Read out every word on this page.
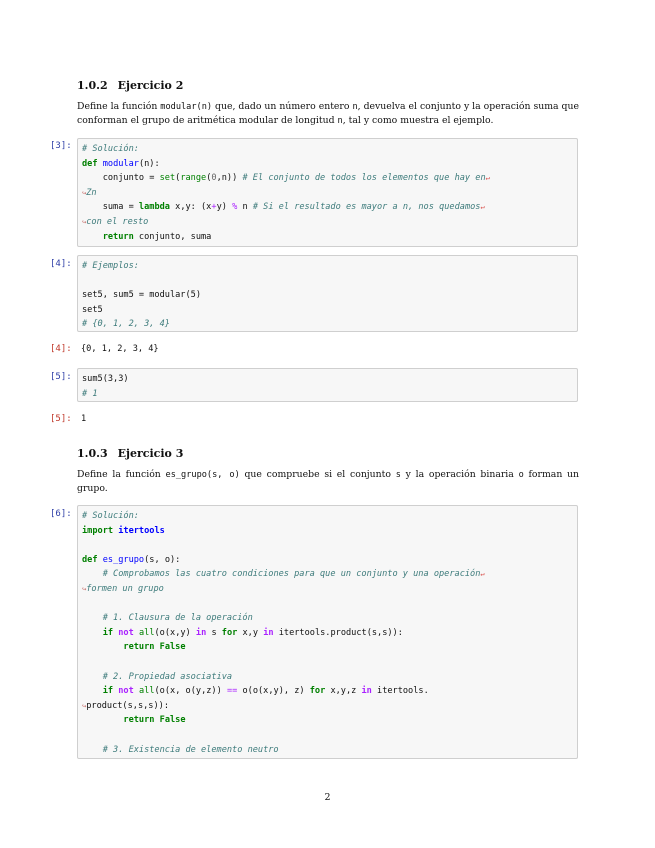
1.0.2 Ejercicio 2
Define la función modular(n) que, dado un número entero n, devuelva el conjunto y la operación suma que conforman el grupo de aritmética modular de longitud n, tal y como muestra el ejemplo.
[3]: # Solución:
def modular(n):
conjunto = set(range(0,n)) # El conjunto de todos los elementos que hay en↵
↪Zn
suma = lambda x,y: (x+y) % n # Si el resultado es mayor a n, nos quedamos↵
↪con el resto
return conjunto, suma
[4]: # Ejemplos:
set5, sum5 = modular(5)
set5
# {0, 1, 2, 3, 4}
[4]: {0, 1, 2, 3, 4}
[5]: sum5(3,3)
# 1
[5]: 1
1.0.3 Ejercicio 3
Define la función es_grupo(s, o) que compruebe si el conjunto s y la operación binaria o forman un grupo.
[6]: # Solución:
import itertools
def es_grupo(s, o):
# Comprobamos las cuatro condiciones para que un conjunto y una operación↵
↪formen un grupo
# 1. Clausura de la operación
if not all(o(x,y) in s for x,y in itertools.product(s,s)):
return False
# 2. Propiedad asociativa
if not all(o(x, o(y,z)) == o(o(x,y), z) for x,y,z in itertools.
↪product(s,s,s)):
return False
# 3. Existencia de elemento neutro
2
